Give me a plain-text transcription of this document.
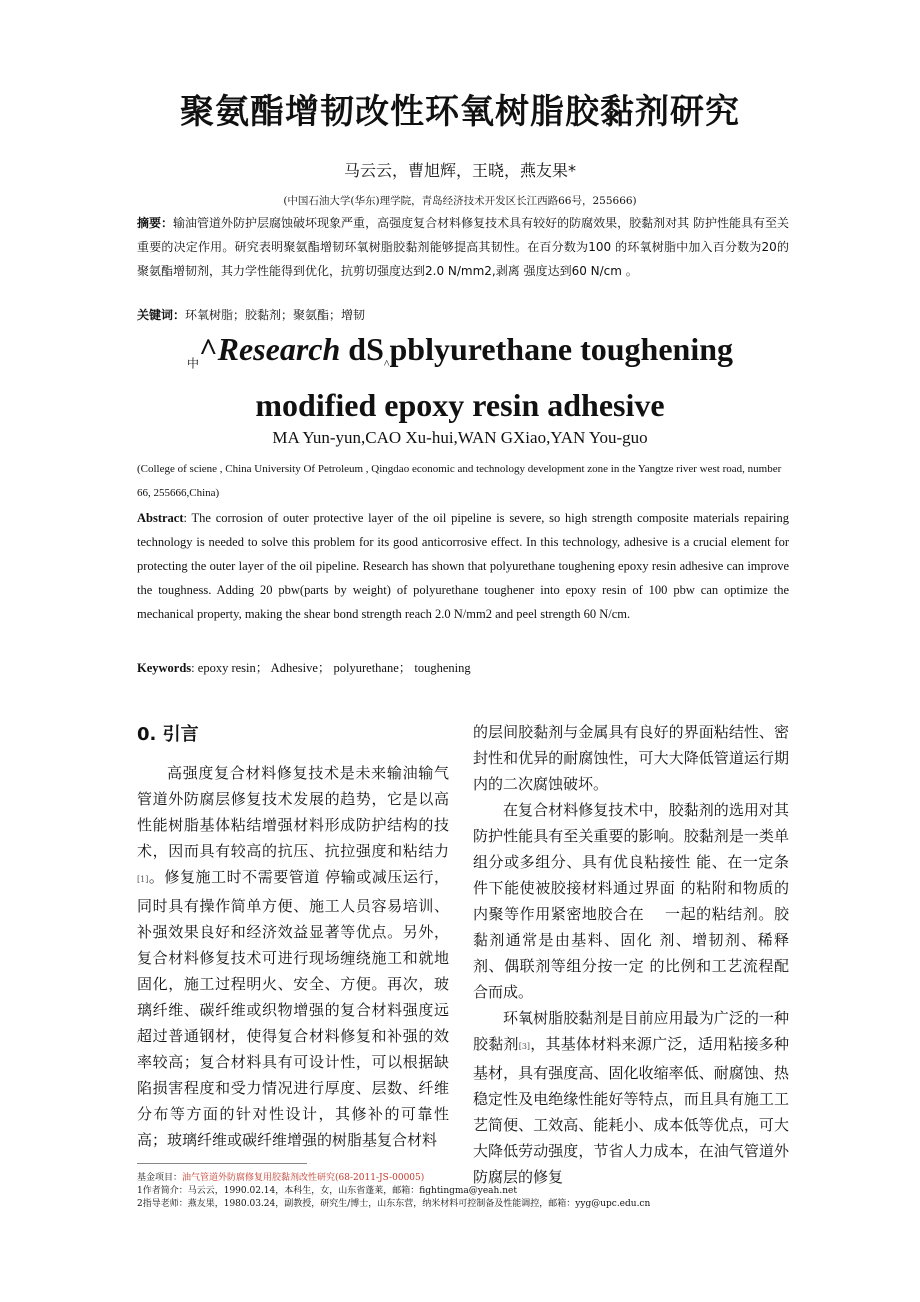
聚氨酯增韧改性环氧树脂胶黏剂研究
马云云，曹旭辉，王晓，燕友果*
(中国石油大学(华东)理学院，青岛经济技术开发区长江西路66号，255666)
摘要：输油管道外防护层腐蚀破坏现象严重，高强度复合材料修复技术具有较好的防腐效果，胶黏剂对其 防护性能具有至关重要的决定作用。研究表明聚氨酯增韧环氧树脂胶黏剂能够提高其韧性。在百分数为100 的环氧树脂中加入百分数为20的聚氨酯增韧剂，其力学性能得到优化，抗剪切强度达到2.0 N/mm2,剥离 强度达到60 N/cm 。
关键词：环氧树脂；胶黏剂；聚氨酯；增韧
$_中$^Research $dS_{\^{}}pblyurethane$ toughening
modified epoxy resin adhesive
MA Yun-yun,CAO Xu-hui,WAN GXiao,YAN You-guo
(College of sciene , China University Of Petroleum , Qingdao economic and technology development zone in the Yangtze river west road, number 66, 255666,China)
Abstract: The corrosion of outer protective layer of the oil pipeline is severe, so high strength composite materials repairing technology is needed to solve this problem for its good anticorrosive effect. In this technology, adhesive is a crucial element for protecting the outer layer of the oil pipeline. Research has shown that polyurethane toughening epoxy resin adhesive can improve the toughness. Adding 20 pbw(parts by weight) of polyurethane toughener into epoxy resin of 100 pbw can optimize the mechanical property, making the shear bond strength reach 2.0 N/mm2 and peel strength 60 N/cm.
Keywords: epoxy resin； Adhesive； polyurethane； toughening
0. 引言

高强度复合材料修复技术是未来输油输气管道外防腐层修复技术发展的趋势，它是以高性能树脂基体粘结增强材料形成防护结构的技术，因而具有较高的抗压、抗拉强度和粘结力[1]。修复施工时不需要管道 停输或减压运行，同时具有操作简单方便、施工人员容易培训、补强效果良好和经济效益显著等优点。另外，复合材料修复技术可进行现场缠绕施工和就地固化，施工过程明火、安全、方便。再次，玻璃纤维、碳纤维或织物增强的复合材料强度远超过普通钢材，使得复合材料修复和补强的效率较高；复合材料具有可设计性，可以根据缺陷损害程度和受力情况进行厚度、层数、纤维分布等方面的针对性设计，其修补的可靠性高；玻璃纤维或碳纤维增强的树脂基复合材料

的层间胶黏剂与金属具有良好的界面粘结性、密封性和优异的耐腐蚀性，可大大降低管道运行期内的二次腐蚀破坏。

在复合材料修复技术中，胶黏剂的选用对其防护性能具有至关重要的影响。胶黏剂是一类单组分或多组分、具有优良粘接性 能、在一定条件下能使被胶接材料通过界面 的粘附和物质的内聚等作用紧密地胶合在　 一起的粘结剂。胶黏剂通常是由基料、固化 剂、增韧剂、稀释剂、偶联剂等组分按一定 的比例和工艺流程配合而成。

环氧树脂胶黏剂是目前应用最为广泛的一种胶黏剂[3]，其基体材料来源广泛，适用粘接多种基材，具有强度高、固化收缩率低、耐腐蚀、热稳定性及电绝缘性能好等特点，而且具有施工工艺简便、工效高、能耗小、成本低等优点，可大大降低劳动强度，节省人力成本，在油气管道外防腐层的修复

基金项目：油气管道外防腐修复用胶黏剂改性研究(68-2011-JS-00005)
1作者简介：马云云，1990.02.14，本科生，女，山东省蓬莱，邮箱：fightingma@yeah.net
2指导老师：燕友果，1980.03.24，副教授，研究生/博士，山东东营，纳米材料可控制备及性能调控，邮箱：yyg@upc.edu.cn
